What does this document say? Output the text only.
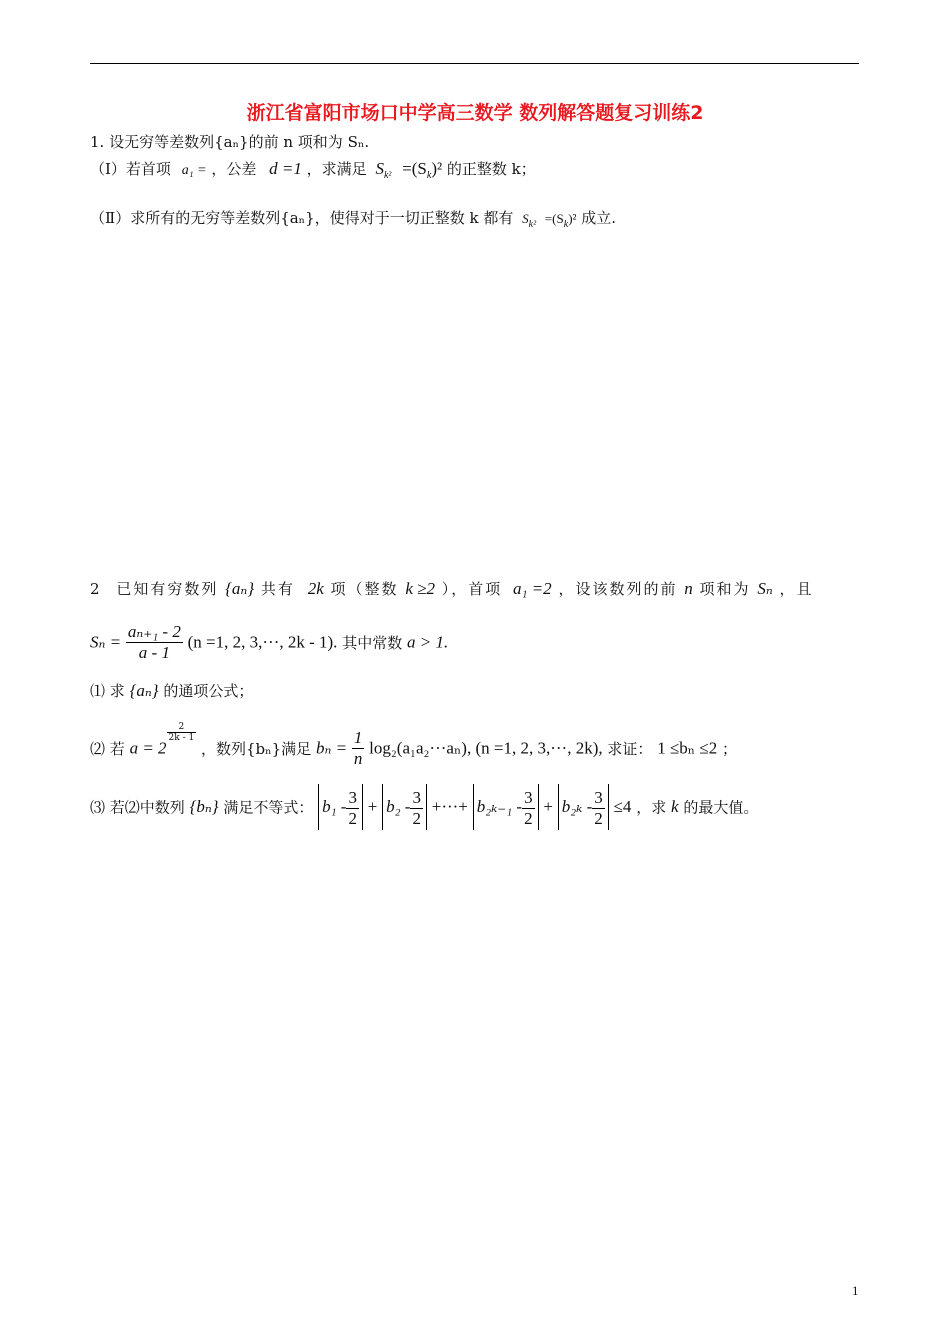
浙江省富阳市场口中学高三数学 数列解答题复习训练2
1. 设无穷等差数列{aₙ}的前 n 项和为 Sₙ.
（Ⅰ）若首项 a₁ = ，公差 d =1 ，求满足 $S_{k^2} =(S_k)^2$ 的正整数 k；
（Ⅱ）求所有的无穷等差数列{aₙ}，使得对于一切正整数 k 都有 $S_{k^2} =(S_k)^2$ 成立.
2 已知有穷数列 {aₙ} 共有 2k 项（整数 k ≥2 ），首项 a₁ =2 ，设该数列的前 n 项和为 Sₙ ，且
$S_n = \frac{\text{aₙ₊₁ - 2}}{a - 1} (n =1$, 2, 3,···, 2k - 1). 其中常数 a > 1.
⑴ 求 {aₙ} 的通项公式；
⑵ 若 a = 2
$\frac{2}{2k - 1}$
，数列{bₙ}满足 $b_n = \frac{1}{n} \log_2(a_1a_2\cdot\cdot\cdot a_n)$, (n =1, 2, 3,···, 2k), 求证： 1 ≤bₙ ≤2 ；
⑶ 若⑵中数列 {bₙ} 满足不等式： $b_1 - \frac{3}{2} + b_2 - \frac{3}{2}$ +···+ $b_{2k-1} - \frac{3}{2} + b_{2k} - \frac{3}{2} \le 4$ ，求 k 的最大值。
1
